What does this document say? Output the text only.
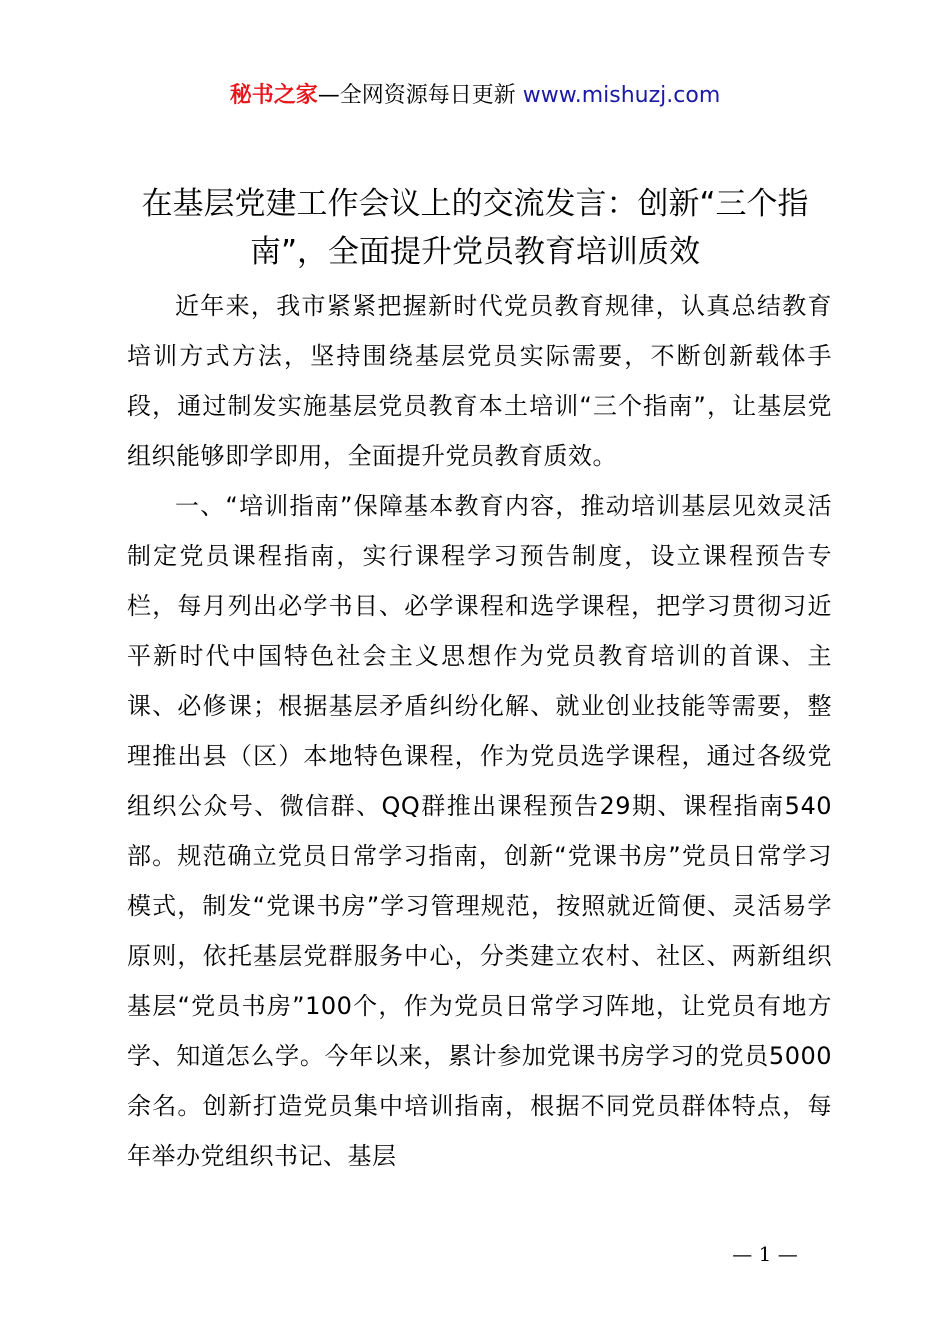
秘书之家—全网资源每日更新 www.mishuzj.com
在基层党建工作会议上的交流发言：创新“三个指南”，全面提升党员教育培训质效

近年来，我市紧紧把握新时代党员教育规律，认真总结教育培训方式方法，坚持围绕基层党员实际需要，不断创新载体手段，通过制发实施基层党员教育本土培训“三个指南”，让基层党组织能够即学即用，全面提升党员教育质效。

一、“培训指南”保障基本教育内容，推动培训基层见效灵活制定党员课程指南，实行课程学习预告制度，设立课程预告专栏，每月列出必学书目、必学课程和选学课程，把学习贯彻习近平新时代中国特色社会主义思想作为党员教育培训的首课、主课、必修课；根据基层矛盾纠纷化解、就业创业技能等需要，整理推出县（区）本地特色课程，作为党员选学课程，通过各级党组织公众号、微信群、QQ群推出课程预告29期、课程指南540部。规范确立党员日常学习指南，创新“党课书房”党员日常学习模式，制发“党课书房”学习管理规范，按照就近简便、灵活易学原则，依托基层党群服务中心，分类建立农村、社区、两新组织基层“党员书房”100个，作为党员日常学习阵地，让党员有地方学、知道怎么学。今年以来，累计参加党课书房学习的党员5000余名。创新打造党员集中培训指南，根据不同党员群体特点，每年举办党组织书记、基层

— 1 —
